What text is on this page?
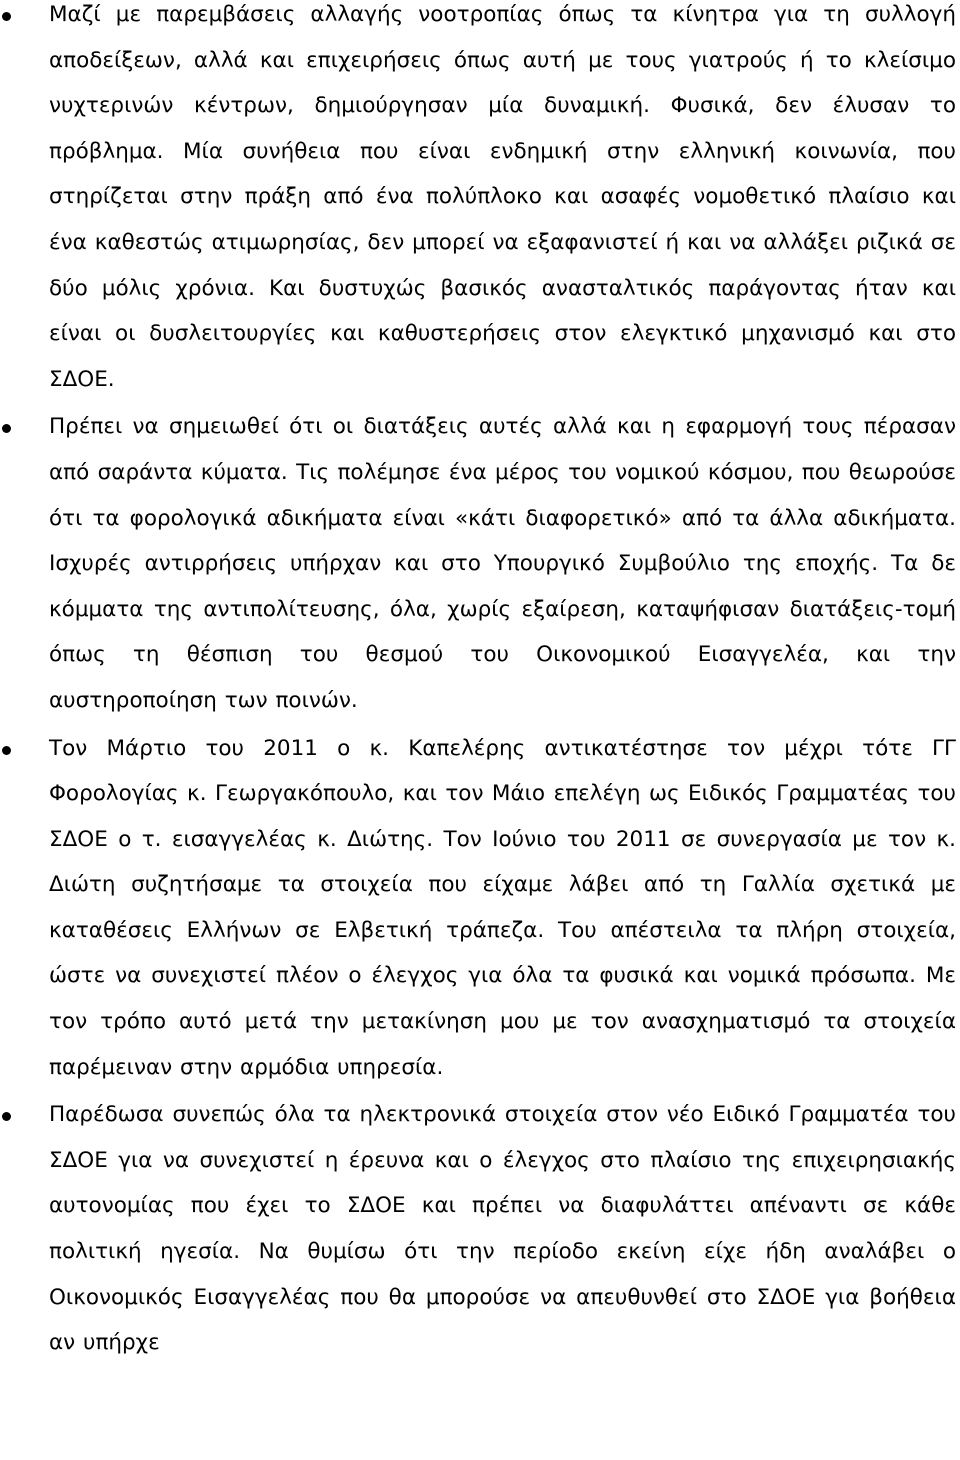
Μαζί με παρεμβάσεις αλλαγής νοοτροπίας όπως τα κίνητρα για τη συλλογή αποδείξεων, αλλά και επιχειρήσεις όπως αυτή με τους γιατρούς ή το κλείσιμο νυχτερινών κέντρων, δημιούργησαν μία δυναμική. Φυσικά, δεν έλυσαν το πρόβλημα. Μία συνήθεια που είναι ενδημική στην ελληνική κοινωνία, που στηρίζεται στην πράξη από ένα πολύπλοκο και ασαφές νομοθετικό πλαίσιο και ένα καθεστώς ατιμωρησίας, δεν μπορεί να εξαφανιστεί ή και να αλλάξει ριζικά σε δύο μόλις χρόνια. Και δυστυχώς βασικός ανασταλτικός παράγοντας ήταν και είναι οι δυσλειτουργίες και καθυστερήσεις στον ελεγκτικό μηχανισμό και στο ΣΔΟΕ.

Πρέπει να σημειωθεί ότι οι διατάξεις αυτές αλλά και η εφαρμογή τους πέρασαν από σαράντα κύματα. Τις πολέμησε ένα μέρος του νομικού κόσμου, που θεωρούσε ότι τα φορολογικά αδικήματα είναι «κάτι διαφορετικό» από τα άλλα αδικήματα. Ισχυρές αντιρρήσεις υπήρχαν και στο Υπουργικό Συμβούλιο της εποχής. Τα δε κόμματα της αντιπολίτευσης, όλα, χωρίς εξαίρεση, καταψήφισαν διατάξεις-τομή όπως τη θέσπιση του θεσμού του Οικονομικού Εισαγγελέα, και την αυστηροποίηση των ποινών.

Τον Μάρτιο του 2011 ο κ. Καπελέρης αντικατέστησε τον μέχρι τότε ΓΓ Φορολογίας κ. Γεωργακόπουλο, και τον Μάιο επελέγη ως Ειδικός Γραμματέας του ΣΔΟΕ ο τ. εισαγγελέας κ. Διώτης. Τον Ιούνιο του 2011 σε συνεργασία με τον κ. Διώτη συζητήσαμε τα στοιχεία που είχαμε λάβει από τη Γαλλία σχετικά με καταθέσεις Ελλήνων σε Ελβετική τράπεζα. Του απέστειλα τα πλήρη στοιχεία, ώστε να συνεχιστεί πλέον ο έλεγχος για όλα τα φυσικά και νομικά πρόσωπα. Με τον τρόπο αυτό μετά την μετακίνηση μου με τον ανασχηματισμό τα στοιχεία παρέμειναν στην αρμόδια υπηρεσία.

Παρέδωσα συνεπώς όλα τα ηλεκτρονικά στοιχεία στον νέο Ειδικό Γραμματέα του ΣΔΟΕ για να συνεχιστεί η έρευνα και ο έλεγχος στο πλαίσιο της επιχειρησιακής αυτονομίας που έχει το ΣΔΟΕ και πρέπει να διαφυλάττει απέναντι σε κάθε πολιτική ηγεσία. Να θυμίσω ότι την περίοδο εκείνη είχε ήδη αναλάβει ο Οικονομικός Εισαγγελέας που θα μπορούσε να απευθυνθεί στο ΣΔΟΕ για βοήθεια αν υπήρχε
